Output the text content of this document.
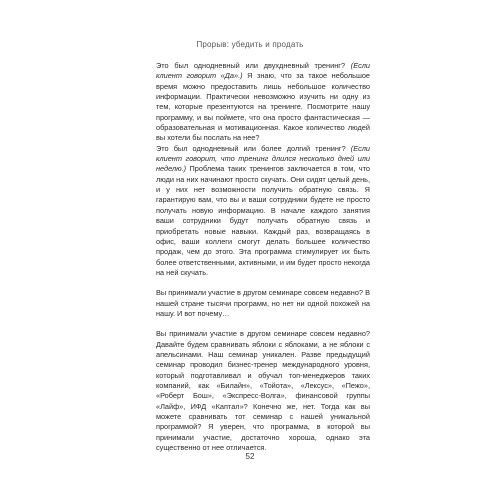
Прорыв: убедить и продать

Это был однодневный или двухдневный тренинг? (Если клиент говорит «Да».) Я знаю, что за такое небольшое время можно предоставить лишь небольшое количество информации. Практически невозможно изучить ни одну из тем, которые презентуются на тренинге. Посмотрите нашу программу, и вы поймете, что она просто фантастическая — образовательная и мотивационная. Какое количество людей вы хотели бы послать на нее?

Это был однодневный или более долгий тренинг? (Если клиент говорит, что тренинг длился несколько дней или неделю.) Проблема таких тренингов заключается в том, что люди на них начинают просто скучать. Они сидят целый день, и у них нет возможности получить обратную связь. Я гарантирую вам, что вы и ваши сотрудники будете не просто получать новую информацию. В начале каждого занятия ваши сотрудники будут получать обратную связь и приобретать новые навыки. Каждый раз, возвращаясь в офис, ваши коллеги смогут делать большее количество продаж, чем до этого. Эта программа стимулирует их быть более ответственными, активными, и им будет просто некогда на ней скучать.

Вы принимали участие в другом семинаре совсем недавно? В нашей стране тысячи программ, но нет ни одной похожей на нашу. И вот почему…

Вы принимали участие в другом семинаре совсем недавно? Давайте будем сравнивать яблоки с яблоками, а не яблоки с апельсинами. Наш семинар уникален. Разве предыдущий семинар проводил бизнес-тренер международного уровня, который подготавливал и обучал топ-менеджеров таких компаний, как «Билайн», «Тойота», «Лексус», «Пежо», «Роберт Бош», «Экспресс-Волга», финансовой группы «Лайф», ИФД «Каптал»? Конечно же, нет. Тогда как вы можете сравнивать тот семинар с нашей уникальной программой? Я уверен, что программа, в которой вы принимали участие, достаточно хороша, однако эта существенно от нее отличается.

52
